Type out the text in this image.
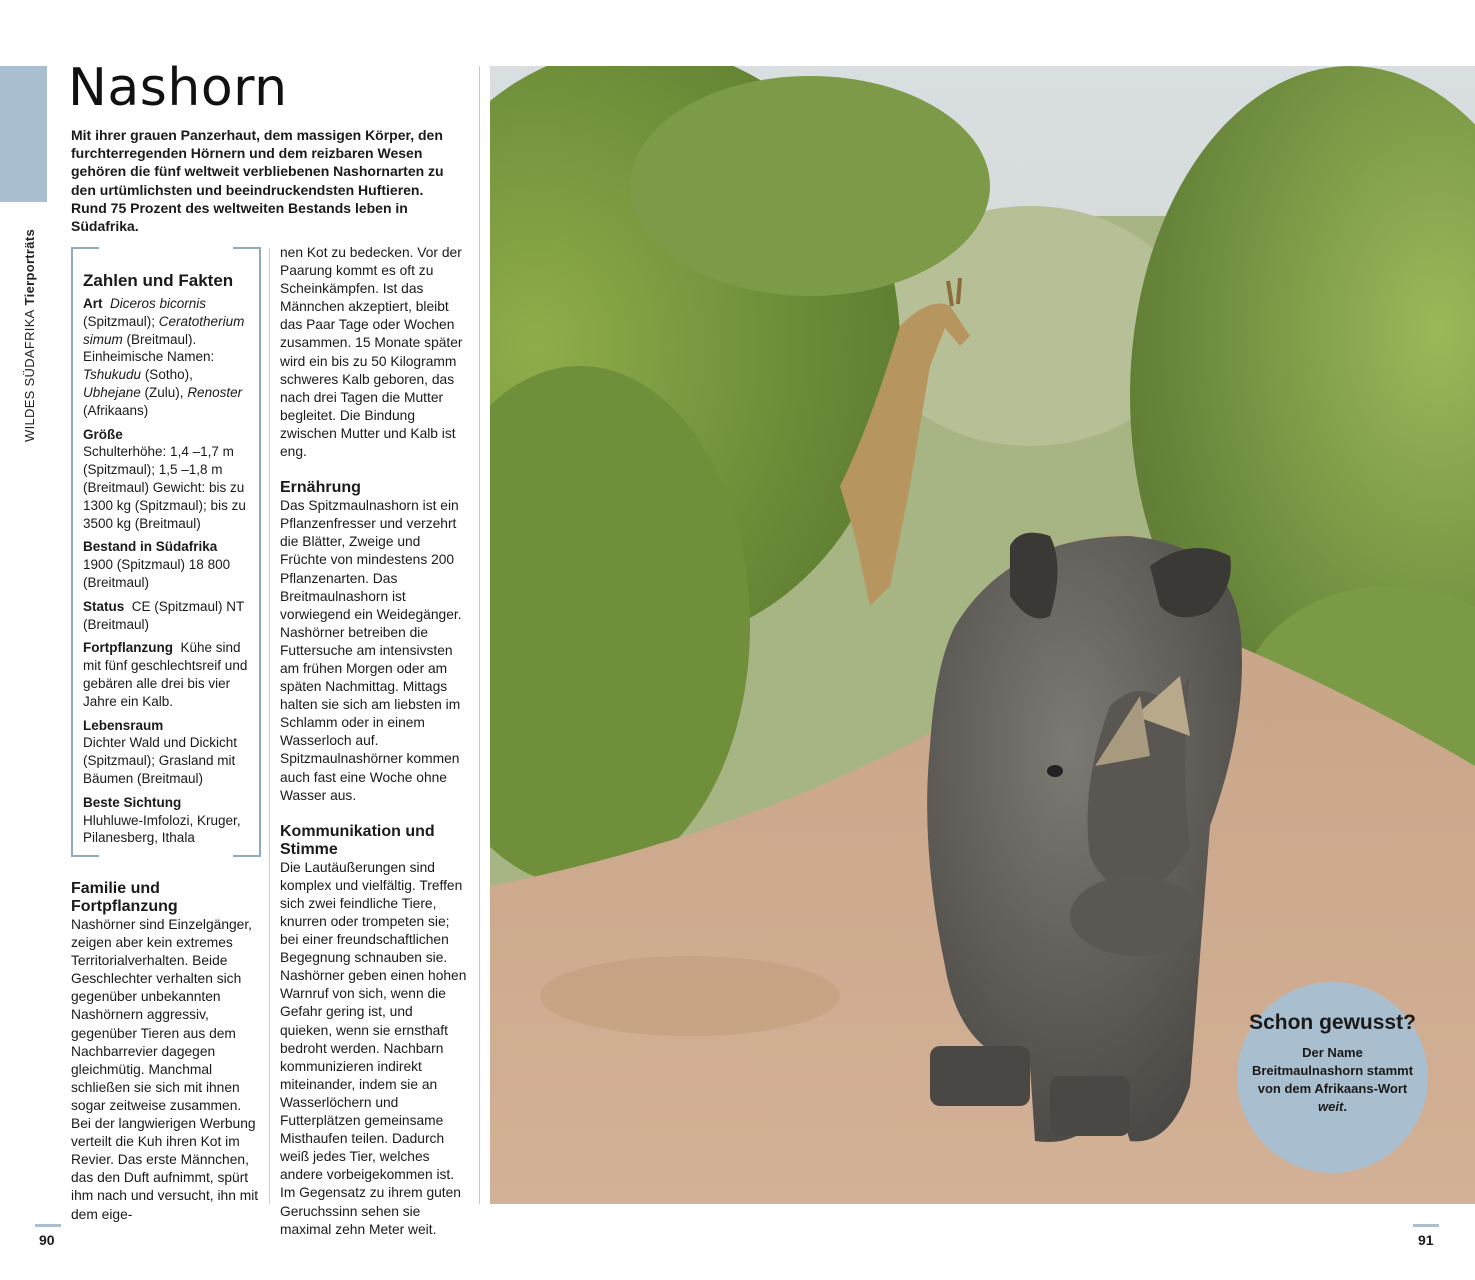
WILDES SÜDAFRIKATierporträts
Nashorn

Mit ihrer grauen Panzerhaut, dem massigen Körper, den furchterregenden Hörnern und dem reizbaren Wesen gehören die fünf weltweit verbliebenen Nashornarten zu den urtümlichsten und beeindruckendsten Huftieren. Rund 75 Prozent des weltweiten Bestands leben in Südafrika.

Zahlen und Fakten
Art Diceros bicornis (Spitzmaul); Ceratotherium simum (Breitmaul). Einheimische Namen: Tshukudu (Sotho), Ubhejane (Zulu), Renoster (Afrikaans)
Größe
Schulterhöhe: 1,4 –1,7 m (Spitzmaul); 1,5 –1,8 m (Breitmaul) Gewicht: bis zu 1300 kg (Spitzmaul); bis zu 3500 kg (Breitmaul)
Bestand in Südafrika
1900 (Spitzmaul) 18 800 (Breitmaul)
Status CE (Spitzmaul) NT (Breitmaul)
Fortpflanzung Kühe sind mit fünf geschlechtsreif und gebären alle drei bis vier Jahre ein Kalb.
Lebensraum
Dichter Wald und Dickicht (Spitzmaul); Grasland mit Bäumen (Breitmaul)
Beste Sichtung
Hluhluwe-Imfolozi, Kruger, Pilanesberg, Ithala
Familie und Fortpflanzung

Nashörner sind Einzelgänger, zeigen aber kein extremes Territorialverhalten. Beide Geschlechter verhalten sich gegenüber unbekannten Nashörnern aggressiv, gegenüber Tieren aus dem Nachbarrevier dagegen gleichmütig. Manchmal schließen sie sich mit ihnen sogar zeitweise zusammen. Bei der langwierigen Werbung verteilt die Kuh ihren Kot im Revier. Das erste Männchen, das den Duft aufnimmt, spürt ihm nach und versucht, ihn mit dem eige-

nen Kot zu bedecken. Vor der Paarung kommt es oft zu Scheinkämpfen. Ist das Männchen akzeptiert, bleibt das Paar Tage oder Wochen zusammen. 15 Monate später wird ein bis zu 50 Kilogramm schweres Kalb geboren, das nach drei Tagen die Mutter begleitet. Die Bindung zwischen Mutter und Kalb ist eng.

Ernährung

Das Spitzmaulnashorn ist ein Pflanzenfresser und verzehrt die Blätter, Zweige und Früchte von mindestens 200 Pflanzenarten. Das Breitmaulnashorn ist vorwiegend ein Weidegänger. Nashörner betreiben die Futtersuche am intensivsten am frühen Morgen oder am späten Nachmittag. Mittags halten sie sich am liebsten im Schlamm oder in einem Wasserloch auf. Spitzmaulnashörner kommen auch fast eine Woche ohne Wasser aus.

Kommunikation und Stimme

Die Lautäußerungen sind komplex und vielfältig. Treffen sich zwei feindliche Tiere, knurren oder trompeten sie; bei einer freundschaftlichen Begegnung schnauben sie. Nashörner geben einen hohen Warnruf von sich, wenn die Gefahr gering ist, und quieken, wenn sie ernsthaft bedroht werden. Nachbarn kommunizieren indirekt miteinander, indem sie an Wasserlöchern und Futterplätzen gemeinsame Misthaufen teilen. Dadurch weiß jedes Tier, welches andere vorbeigekommen ist. Im Gegensatz zu ihrem guten Geruchssinn sehen sie maximal zehn Meter weit.

Schon gewusst?

Der Name Breitmaulnashorn stammt von dem Afrikaans-Wort weit.

90	91
